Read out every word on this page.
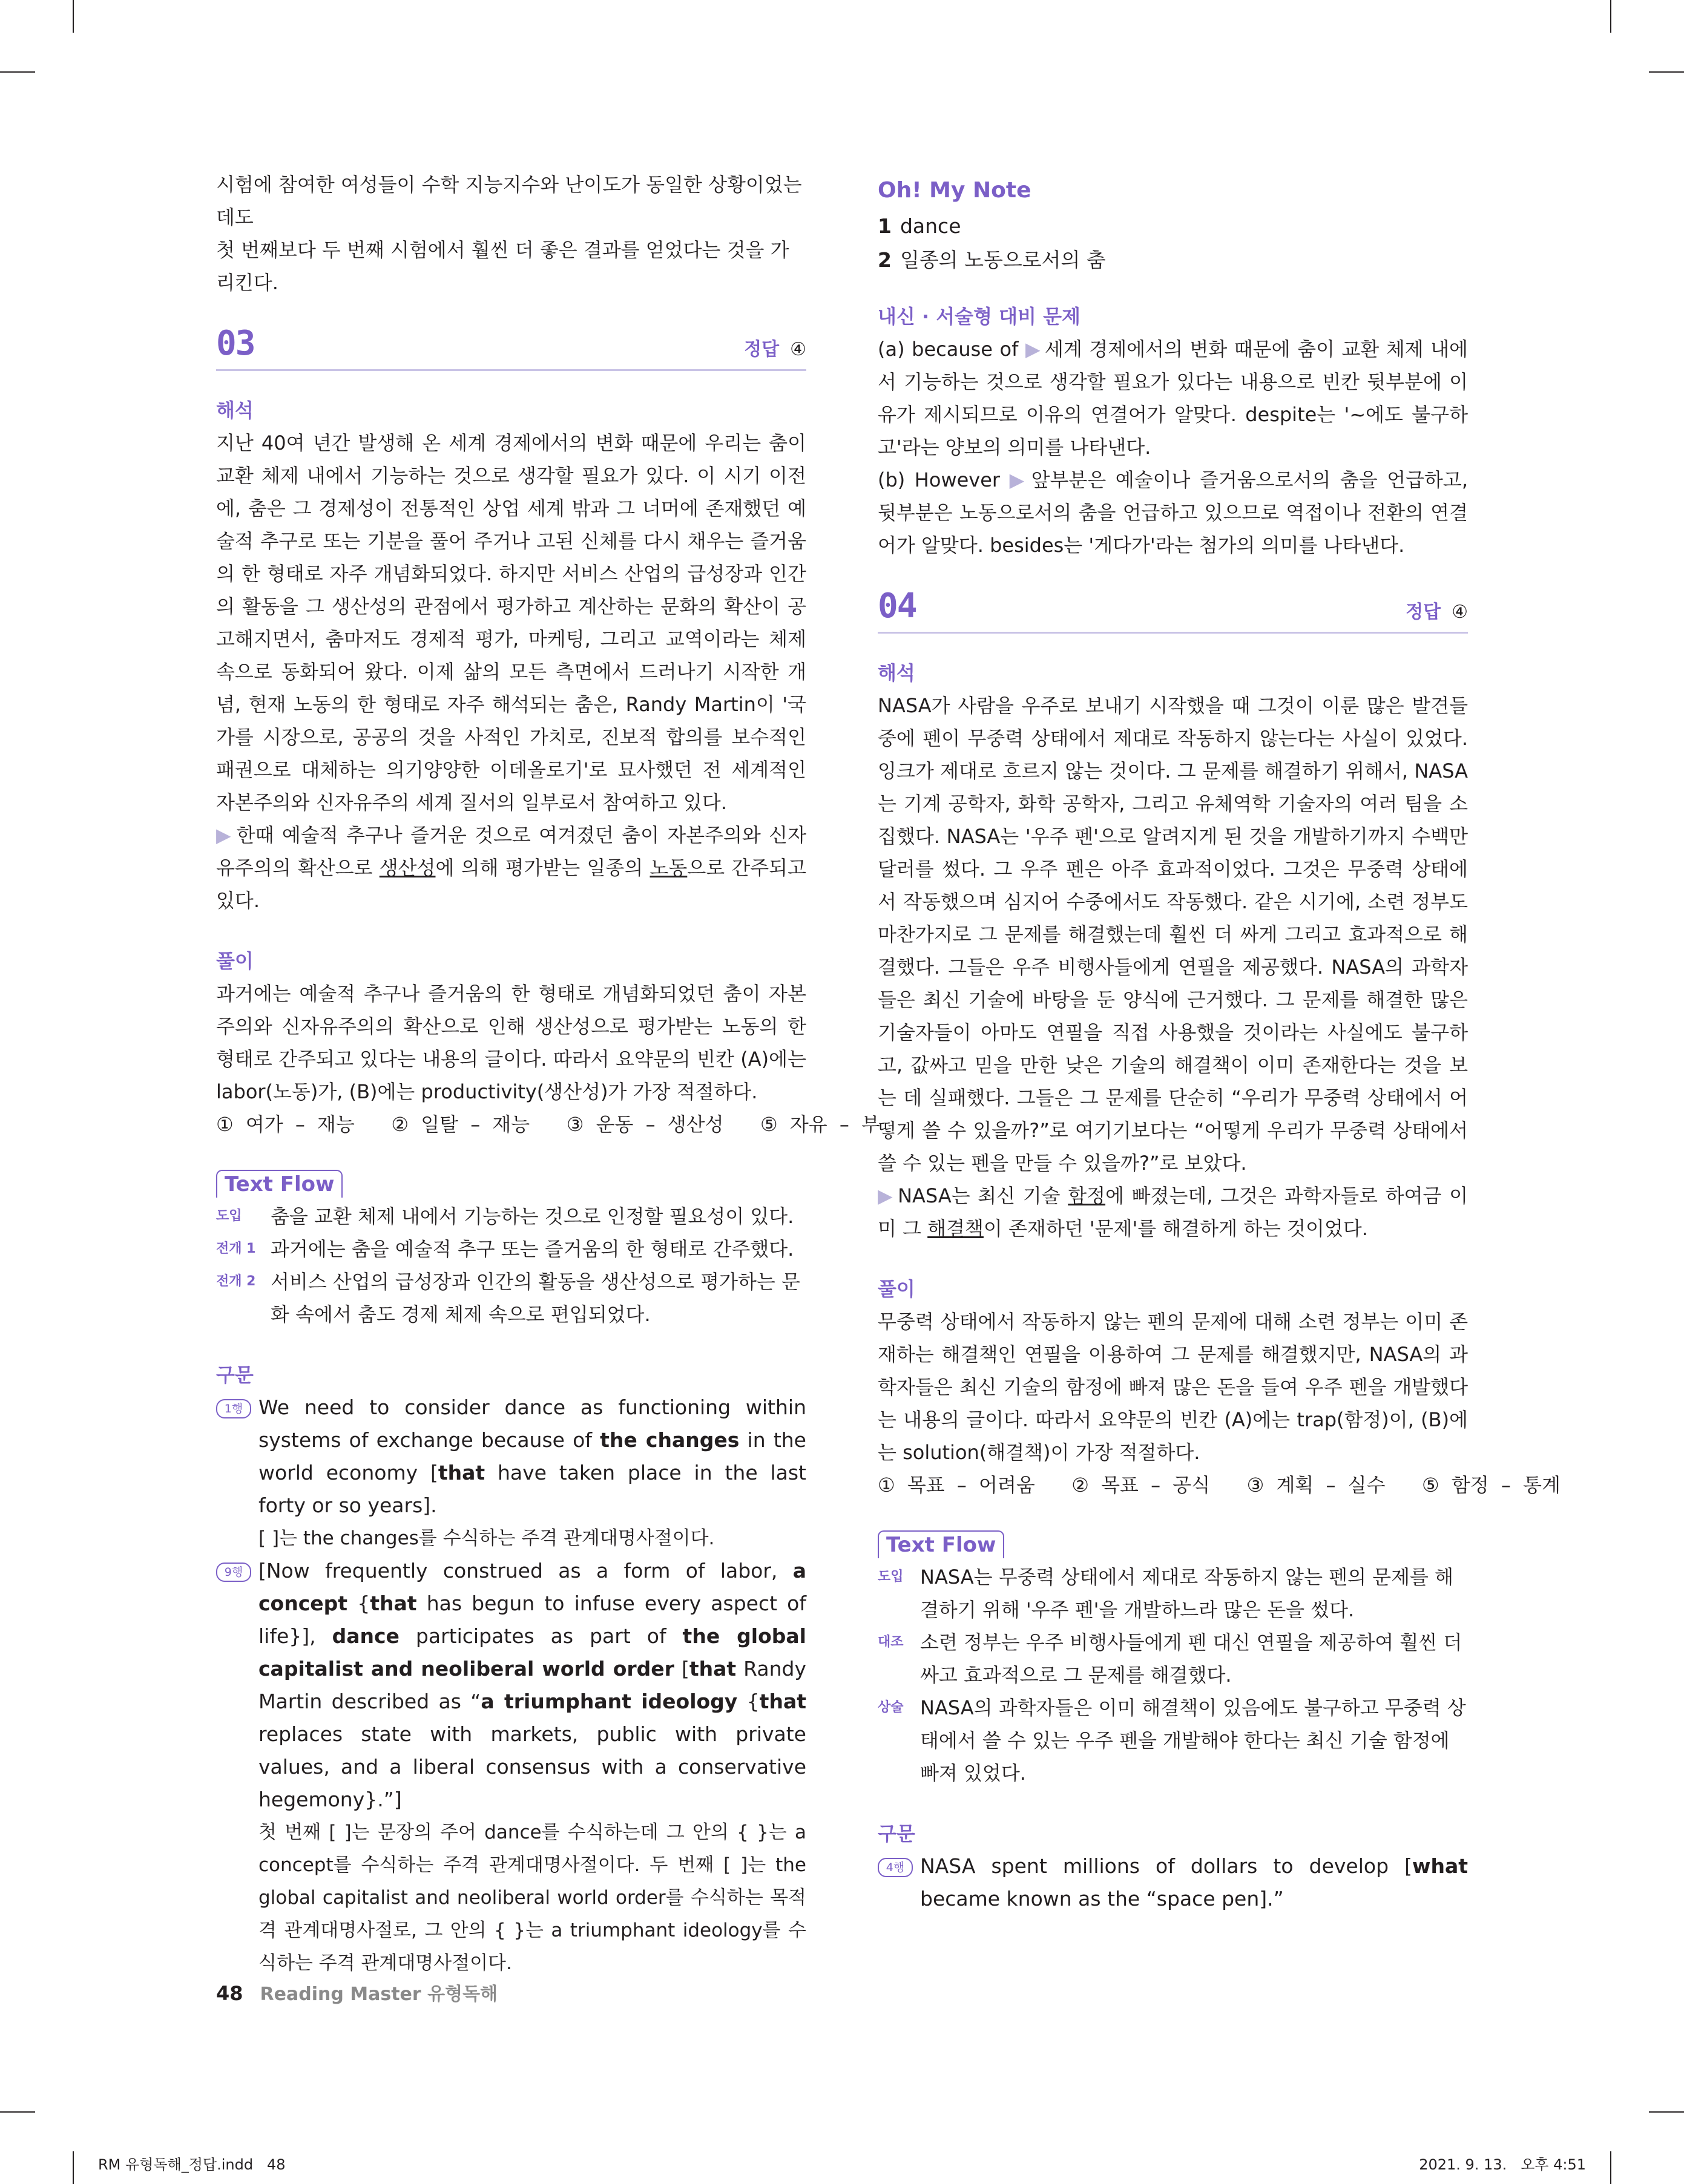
시험에 참여한 여성들이 수학 지능지수와 난이도가 동일한 상황이었는데도

첫 번째보다 두 번째 시험에서 훨씬 더 좋은 결과를 얻었다는 것을 가리킨다.

03	정답 ④

해석

지난 40여 년간 발생해 온 세계 경제에서의 변화 때문에 우리는 춤이 교환 체제 내에서 기능하는 것으로 생각할 필요가 있다. 이 시기 이전에, 춤은 그 경제성이 전통적인 상업 세계 밖과 그 너머에 존재했던 예술적 추구로 또는 기분을 풀어 주거나 고된 신체를 다시 채우는 즐거움의 한 형태로 자주 개념화되었다. 하지만 서비스 산업의 급성장과 인간의 활동을 그 생산성의 관점에서 평가하고 계산하는 문화의 확산이 공고해지면서, 춤마저도 경제적 평가, 마케팅, 그리고 교역이라는 체제 속으로 동화되어 왔다. 이제 삶의 모든 측면에서 드러나기 시작한 개념, 현재 노동의 한 형태로 자주 해석되는 춤은, Randy Martin이 '국가를 시장으로, 공공의 것을 사적인 가치로, 진보적 합의를 보수적인 패권으로 대체하는 의기양양한 이데올로기'로 묘사했던 전 세계적인 자본주의와 신자유주의 세계 질서의 일부로서 참여하고 있다.

▶ 한때 예술적 추구나 즐거운 것으로 여겨졌던 춤이 자본주의와 신자유주의의 확산으로 생산성에 의해 평가받는 일종의 노동으로 간주되고 있다.

풀이

과거에는 예술적 추구나 즐거움의 한 형태로 개념화되었던 춤이 자본주의와 신자유주의의 확산으로 인해 생산성으로 평가받는 노동의 한 형태로 간주되고 있다는 내용의 글이다. 따라서 요약문의 빈칸 (A)에는 labor(노동)가, (B)에는 productivity(생산성)가 가장 적절하다.

① 여가 – 재능   ② 일탈 – 재능   ③ 운동 – 생산성   ⑤ 자유 – 부

Text Flow
도입	춤을 교환 체제 내에서 기능하는 것으로 인정할 필요성이 있다.
전개 1 과거에는 춤을 예술적 추구 또는 즐거움의 한 형태로 간주했다.
전개 2 서비스 산업의 급성장과 인간의 활동을 생산성으로 평가하는 문화 속에서 춤도 경제 체제 속으로 편입되었다.

구문

1행 We need to consider dance as functioning within systems of exchange because of the changes in the world economy [that have taken place in the last forty or so years].
[ ]는 the changes를 수식하는 주격 관계대명사절이다.
9행 [Now frequently construed as a form of labor, a concept {that has begun to infuse every aspect of life}], dance participates as part of the global capitalist and neoliberal world order [that Randy Martin described as “a triumphant ideology {that replaces state with markets, public with private values, and a liberal consensus with a conservative hegemony}.”]
첫 번째 [ ]는 문장의 주어 dance를 수식하는데 그 안의 { }는 a concept를 수식하는 주격 관계대명사절이다. 두 번째 [ ]는 the global capitalist and neoliberal world order를 수식하는 목적격 관계대명사절로, 그 안의 { }는 a triumphant ideology를 수식하는 주격 관계대명사절이다.

Oh! My Note

1 dance
2 일종의 노동으로서의 춤

내신 · 서술형 대비 문제

(a) because of ▶ 세계 경제에서의 변화 때문에 춤이 교환 체제 내에서 기능하는 것으로 생각할 필요가 있다는 내용으로 빈칸 뒷부분에 이유가 제시되므로 이유의 연결어가 알맞다. despite는 '~에도 불구하고'라는 양보의 의미를 나타낸다.

(b) However ▶ 앞부분은 예술이나 즐거움으로서의 춤을 언급하고, 뒷부분은 노동으로서의 춤을 언급하고 있으므로 역접이나 전환의 연결어가 알맞다. besides는 '게다가'라는 첨가의 의미를 나타낸다.

04	정답 ④

해석

NASA가 사람을 우주로 보내기 시작했을 때 그것이 이룬 많은 발견들 중에 펜이 무중력 상태에서 제대로 작동하지 않는다는 사실이 있었다. 잉크가 제대로 흐르지 않는 것이다. 그 문제를 해결하기 위해서, NASA는 기계 공학자, 화학 공학자, 그리고 유체역학 기술자의 여러 팀을 소집했다. NASA는 '우주 펜'으로 알려지게 된 것을 개발하기까지 수백만 달러를 썼다. 그 우주 펜은 아주 효과적이었다. 그것은 무중력 상태에서 작동했으며 심지어 수중에서도 작동했다. 같은 시기에, 소련 정부도 마찬가지로 그 문제를 해결했는데 훨씬 더 싸게 그리고 효과적으로 해결했다. 그들은 우주 비행사들에게 연필을 제공했다. NASA의 과학자들은 최신 기술에 바탕을 둔 양식에 근거했다. 그 문제를 해결한 많은 기술자들이 아마도 연필을 직접 사용했을 것이라는 사실에도 불구하고, 값싸고 믿을 만한 낮은 기술의 해결책이 이미 존재한다는 것을 보는 데 실패했다. 그들은 그 문제를 단순히 “우리가 무중력 상태에서 어떻게 쓸 수 있을까?”로 여기기보다는 “어떻게 우리가 무중력 상태에서 쓸 수 있는 펜을 만들 수 있을까?”로 보았다.

▶ NASA는 최신 기술 함정에 빠졌는데, 그것은 과학자들로 하여금 이미 그 해결책이 존재하던 '문제'를 해결하게 하는 것이었다.

풀이

무중력 상태에서 작동하지 않는 펜의 문제에 대해 소련 정부는 이미 존재하는 해결책인 연필을 이용하여 그 문제를 해결했지만, NASA의 과학자들은 최신 기술의 함정에 빠져 많은 돈을 들여 우주 펜을 개발했다는 내용의 글이다. 따라서 요약문의 빈칸 (A)에는 trap(함정)이, (B)에는 solution(해결책)이 가장 적절하다.

① 목표 – 어려움   ② 목표 – 공식   ③ 계획 – 실수   ⑤ 함정 – 통계

Text Flow
도입 NASA는 무중력 상태에서 제대로 작동하지 않는 펜의 문제를 해결하기 위해 '우주 펜'을 개발하느라 많은 돈을 썼다.
대조 소련 정부는 우주 비행사들에게 펜 대신 연필을 제공하여 훨씬 더 싸고 효과적으로 그 문제를 해결했다.
상술 NASA의 과학자들은 이미 해결책이 있음에도 불구하고 무중력 상태에서 쓸 수 있는 우주 펜을 개발해야 한다는 최신 기술 함정에 빠져 있었다.

구문

4행 NASA spent millions of dollars to develop [what became known as the “space pen].”
48 Reading Master 유형독해
RM 유형독해_정답.indd   48	2021. 9. 13.   오후 4:51
